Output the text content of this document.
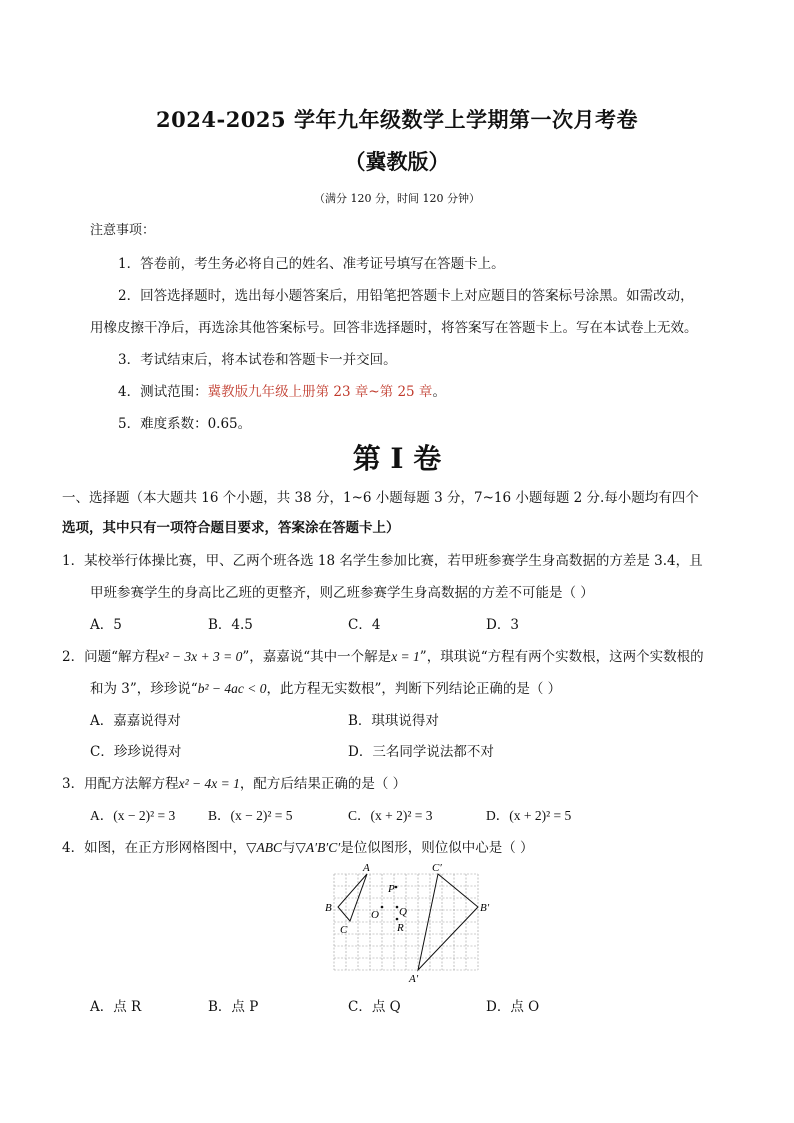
2024-2025 学年九年级数学上学期第一次月考卷
（冀教版）
（满分 120 分，时间 120 分钟）
注意事项：
1．答卷前，考生务必将自己的姓名、准考证号填写在答题卡上。
2．回答选择题时，选出每小题答案后，用铅笔把答题卡上对应题目的答案标号涂黑。如需改动，
用橡皮擦干净后，再选涂其他答案标号。回答非选择题时，将答案写在答题卡上。写在本试卷上无效。
3．考试结束后，将本试卷和答题卡一并交回。
4．测试范围：冀教版九年级上册第 23 章~第 25 章。
5．难度系数：0.65。
第 I 卷
一、选择题（本大题共 16 个小题，共 38 分，1~6 小题每题 3 分，7~16 小题每题 2 分.每小题均有四个
选项，其中只有一项符合题目要求，答案涂在答题卡上）
1．某校举行体操比赛，甲、乙两个班各选 18 名学生参加比赛，若甲班参赛学生身高数据的方差是 3.4，且
甲班参赛学生的身高比乙班的更整齐，则乙班参赛学生身高数据的方差不可能是（ ）
A．5	B．4.5	C．4	D．3
2．问题“解方程x² − 3x + 3 = 0”，嘉嘉说“其中一个解是x = 1”，琪琪说“方程有两个实数根，这两个实数根的
和为 3”，珍珍说“b² − 4ac < 0，此方程无实数根”，判断下列结论正确的是（ ）
A．嘉嘉说得对	B．琪琪说得对
C．珍珍说得对	D．三名同学说法都不对
3．用配方法解方程x² − 4x = 1，配方后结果正确的是（ ）
A．(x − 2)² = 3 B．(x − 2)² = 5	C．(x + 2)² = 3	D．(x + 2)² = 5
4．如图，在正方形网格图中，▽ABC与▽A′B′C′是位似图形，则位似中心是（ ）
A
B
C
P
O Q
R
C′
B′
A′
A．点 R	B．点 P	C．点 Q	D．点 O
